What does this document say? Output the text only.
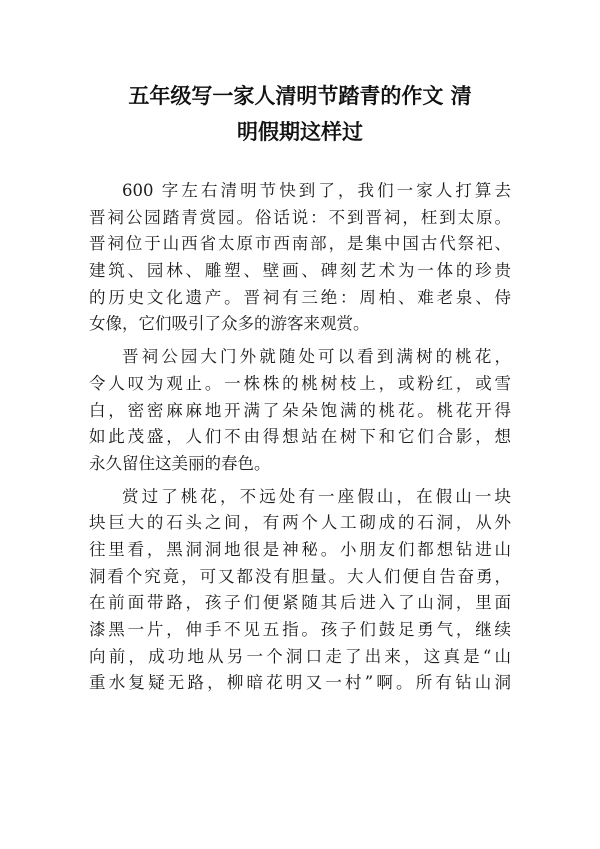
五年级写一家人清明节踏青的作文 清
明假期这样过
600 字左右清明节快到了，我们一家人打算去
晋祠公园踏青赏园。俗话说：不到晋祠，枉到太原。
晋祠位于山西省太原市西南部，是集中国古代祭祀、
建筑、园林、雕塑、壁画、碑刻艺术为一体的珍贵
的历史文化遗产。晋祠有三绝：周柏、难老泉、侍
女像，它们吸引了众多的游客来观赏。
晋祠公园大门外就随处可以看到满树的桃花，
令人叹为观止。一株株的桃树枝上，或粉红，或雪
白，密密麻麻地开满了朵朵饱满的桃花。桃花开得
如此茂盛，人们不由得想站在树下和它们合影，想
永久留住这美丽的春色。
赏过了桃花，不远处有一座假山，在假山一块
块巨大的石头之间，有两个人工砌成的石洞，从外
往里看，黑洞洞地很是神秘。小朋友们都想钻进山
洞看个究竟，可又都没有胆量。大人们便自告奋勇，
在前面带路，孩子们便紧随其后进入了山洞，里面
漆黑一片，伸手不见五指。孩子们鼓足勇气，继续
向前，成功地从另一个洞口走了出来，这真是“山
重水复疑无路，柳暗花明又一村”啊。所有钻山洞
